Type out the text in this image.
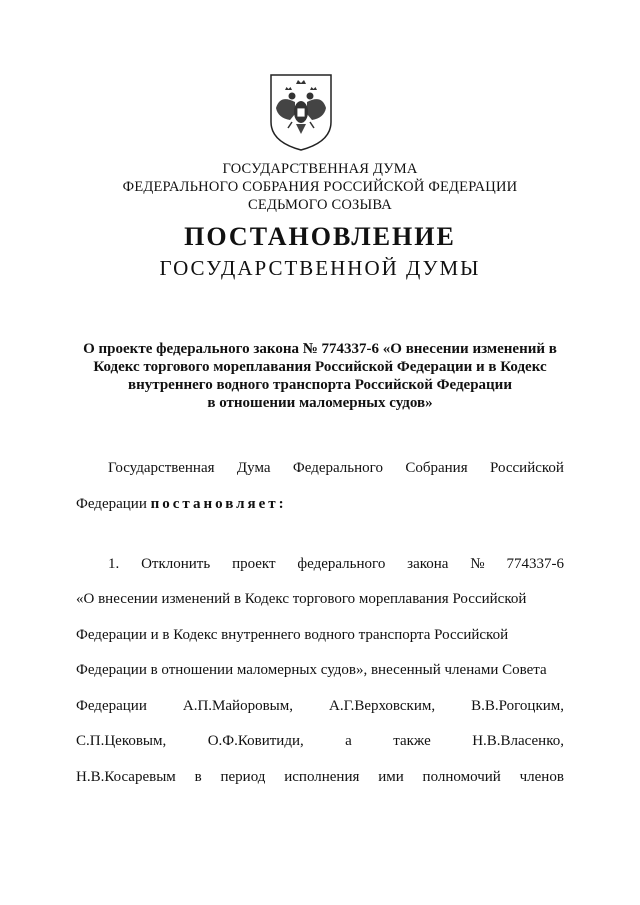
ГОСУДАРСТВЕННАЯ ДУМА
ФЕДЕРАЛЬНОГО СОБРАНИЯ РОССИЙСКОЙ ФЕДЕРАЦИИ
СЕДЬМОГО СОЗЫВА
ПОСТАНОВЛЕНИЕ
ГОСУДАРСТВЕННОЙ ДУМЫ
О проекте федерального закона № 774337-6 «О внесении изменений в
Кодекс торгового мореплавания Российской Федерации и в Кодекс
внутреннего водного транспорта Российской Федерации
в отношении маломерных судов»
Государственная Дума Федерального Собрания Российской
Федерации постановляет:
1. Отклонить проект федерального закона № 774337-6
«О внесении изменений в Кодекс торгового мореплавания Российской
Федерации и в Кодекс внутреннего водного транспорта Российской
Федерации в отношении маломерных судов», внесенный членами Совета
Федерации А.П.Майоровым, А.Г.Верховским, В.В.Рогоцким,
С.П.Цековым,	О.Ф.Ковитиди,	а	также	Н.В.Власенко,
Н.В.Косаревым в период исполнения ими полномочий членов
